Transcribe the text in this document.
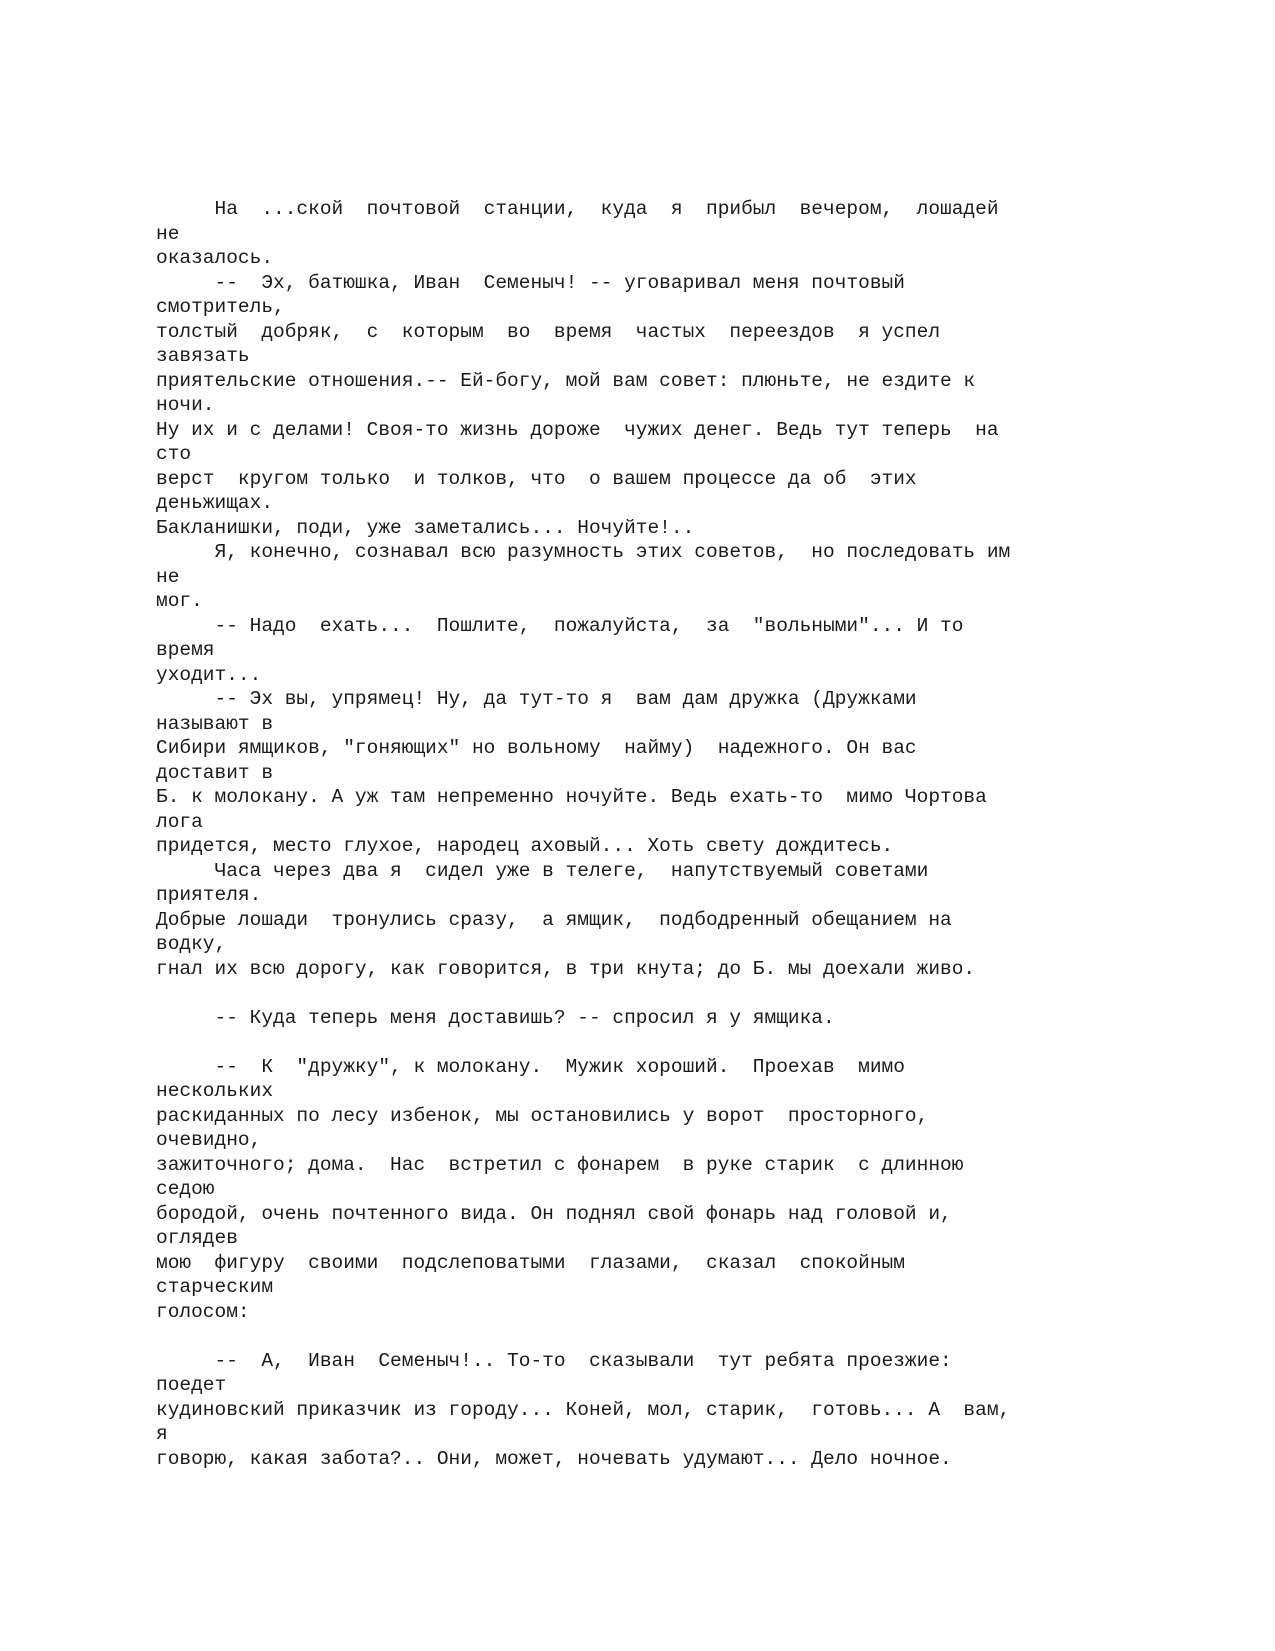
На  ...ской  почтовой  станции,  куда  я  прибыл  вечером,  лошадей
не
оказалось.
--  Эх, батюшка, Иван  Семеныч! -- уговаривал меня почтовый
смотритель,
толстый  добряк,  с  которым  во  время  частых  переездов  я успел
завязать
приятельские отношения.-- Ей-богу, мой вам совет: плюньте, не ездите к
ночи.
Ну их и с делами! Своя-то жизнь дороже  чужих денег. Ведь тут теперь  на
сто
верст  кругом только  и толков, что  о вашем процессе да об  этих
деньжищах.
Бакланишки, поди, уже заметались... Ночуйте!..
Я, конечно, сознавал всю разумность этих советов,  но последовать им
не
мог.
-- Надо  ехать...  Пошлите,  пожалуйста,  за  "вольными"... И то
время
уходит...
-- Эх вы, упрямец! Ну, да тут-то я  вам дам дружка (Дружками
называют в
Сибири ямщиков, "гоняющих" но вольному  найму)  надежного. Он вас
доставит в
Б. к молокану. А уж там непременно ночуйте. Ведь ехать-то  мимо Чортова
лога
придется, место глухое, народец аховый... Хоть свету дождитесь.
Часа через два я  сидел уже в телеге,  напутствуемый советами
приятеля.
Добрые лошади  тронулись сразу,  а ямщик,  подбодренный обещанием на
водку,
гнал их всю дорогу, как говорится, в три кнута; до Б. мы доехали живо.
-- Куда теперь меня доставишь? -- спросил я у ямщика.
--  К  "дружку", к молокану.  Мужик хороший.  Проехав  мимо
нескольких
раскиданных по лесу избенок, мы остановились у ворот  просторного,
очевидно,
зажиточного; дома.  Нас  встретил с фонарем  в руке старик  с длинною
седою
бородой, очень почтенного вида. Он поднял свой фонарь над головой и,
оглядев
мою  фигуру  своими  подслеповатыми  глазами,  сказал  спокойным
старческим
голосом:
--  А,  Иван  Семеныч!.. То-то  сказывали  тут ребята проезжие:
поедет
кудиновский приказчик из городу... Коней, мол, старик,  готовь... А  вам,
я
говорю, какая забота?.. Они, может, ночевать удумают... Дело ночное.
